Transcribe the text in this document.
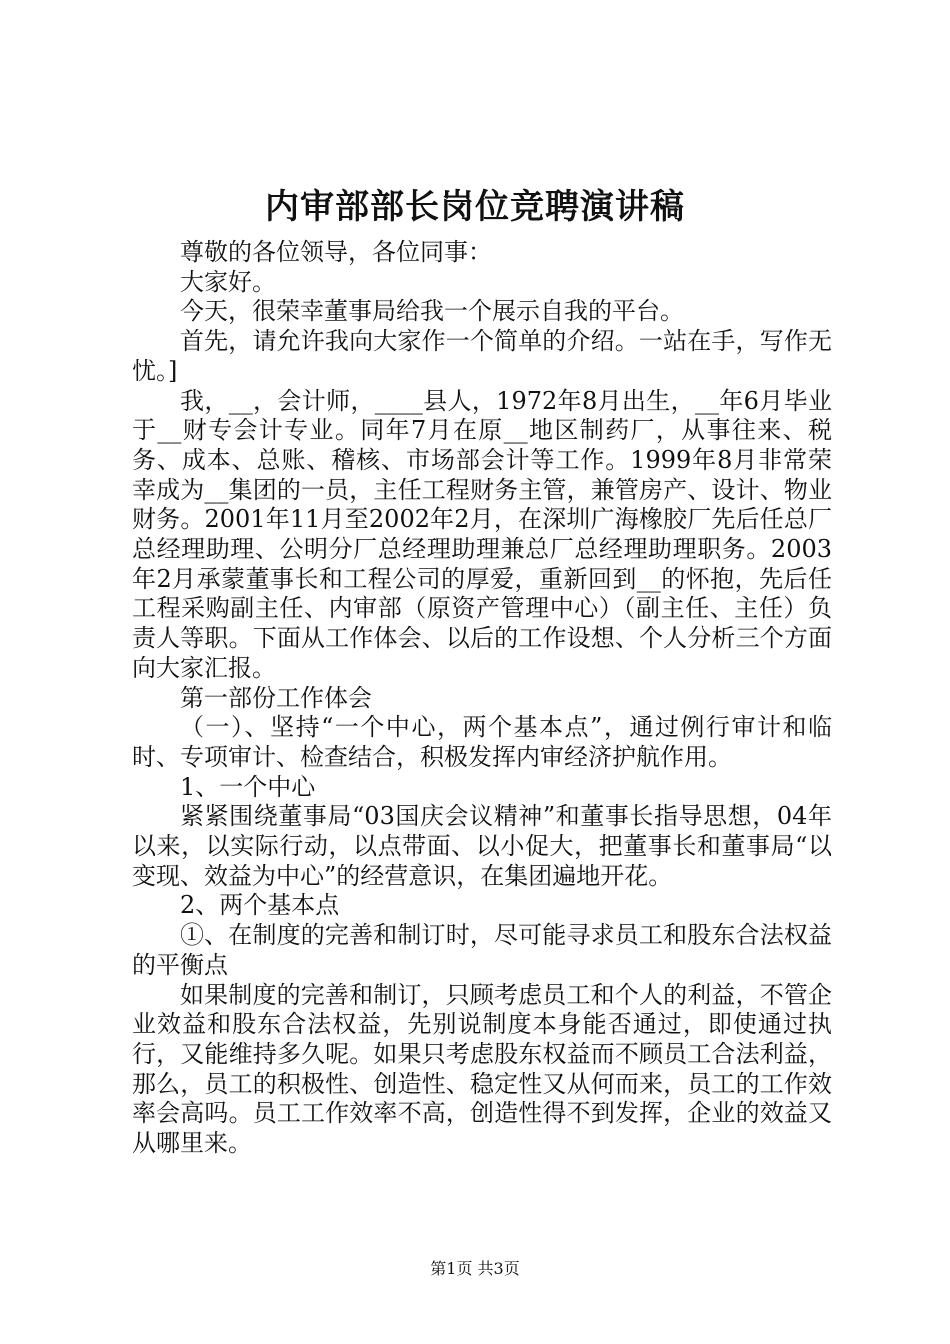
内审部部长岗位竞聘演讲稿

尊敬的各位领导，各位同事：

大家好。

今天，很荣幸董事局给我一个展示自我的平台。

首先，请允许我向大家作一个简单的介绍。一站在手，写作无忧。]

我，__，会计师，____县人，1972年8月出生，__年6月毕业于__财专会计专业。同年7月在原__地区制药厂，从事往来、税务、成本、总账、稽核、市场部会计等工作。1999年8月非常荣幸成为__集团的一员，主任工程财务主管，兼管房产、设计、物业财务。2001年11月至2002年2月，在深圳广海橡胶厂先后任总厂总经理助理、公明分厂总经理助理兼总厂总经理助理职务。2003年2月承蒙董事长和工程公司的厚爱，重新回到__的怀抱，先后任工程采购副主任、内审部（原资产管理中心）（副主任、主任）负责人等职。下面从工作体会、以后的工作设想、个人分析三个方面向大家汇报。

第一部份工作体会

（一）、坚持“一个中心，两个基本点”，通过例行审计和临时、专项审计、检查结合，积极发挥内审经济护航作用。

1、一个中心

紧紧围绕董事局“03国庆会议精神”和董事长指导思想，04年以来，以实际行动，以点带面、以小促大，把董事长和董事局“以变现、效益为中心”的经营意识，在集团遍地开花。

2、两个基本点

①、在制度的完善和制订时，尽可能寻求员工和股东合法权益的平衡点

如果制度的完善和制订，只顾考虑员工和个人的利益，不管企业效益和股东合法权益，先别说制度本身能否通过，即使通过执行，又能维持多久呢。如果只考虑股东权益而不顾员工合法利益，那么，员工的积极性、创造性、稳定性又从何而来，员工的工作效率会高吗。员工工作效率不高，创造性得不到发挥，企业的效益又从哪里来。

第1页 共3页
